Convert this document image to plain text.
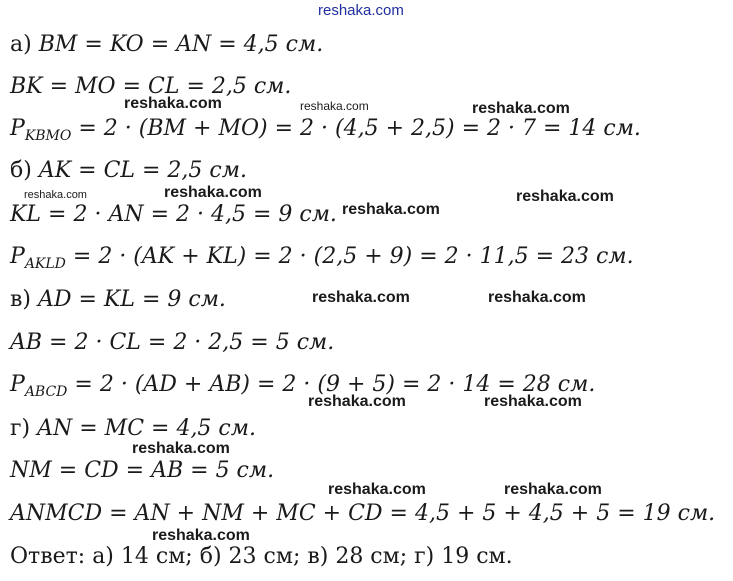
reshaka.com
reshaka.com	reshaka.com	reshaka.com
reshaka.com	reshaka.com	reshaka.com
reshaka.com
reshaka.com	reshaka.com
reshaka.com	reshaka.com
reshaka.com
reshaka.com	reshaka.com
reshaka.com
а) BM = KO = AN = 4,5 см.
BK = MO = CL = 2,5 см.
$P_{KBMO} = 2 \cdot (BM + MO) = 2 \cdot (4,5 + 2,5) = 2 \cdot 7 = 14$ см.
б) AK = CL = 2,5 см.
KL = 2 · AN = 2 · 4,5 = 9 см.
$P_{AKLD} = 2 \cdot (AK + KL) = 2 \cdot (2,5 + 9) = 2 \cdot 11,5 = 23$ см.
в) AD = KL = 9 см.
AB = 2 · CL = 2 · 2,5 = 5 см.
$P_{ABCD} = 2 \cdot (AD + AB) = 2 \cdot (9 + 5) = 2 \cdot 14 = 28$ см.
г) AN = MC = 4,5 см.
NM = CD = AB = 5 см.
ANMCD = AN + NM + MC + CD = 4,5 + 5 + 4,5 + 5 = 19 см.
Ответ: а) 14 см; б) 23 см; в) 28 см; г) 19 см.
